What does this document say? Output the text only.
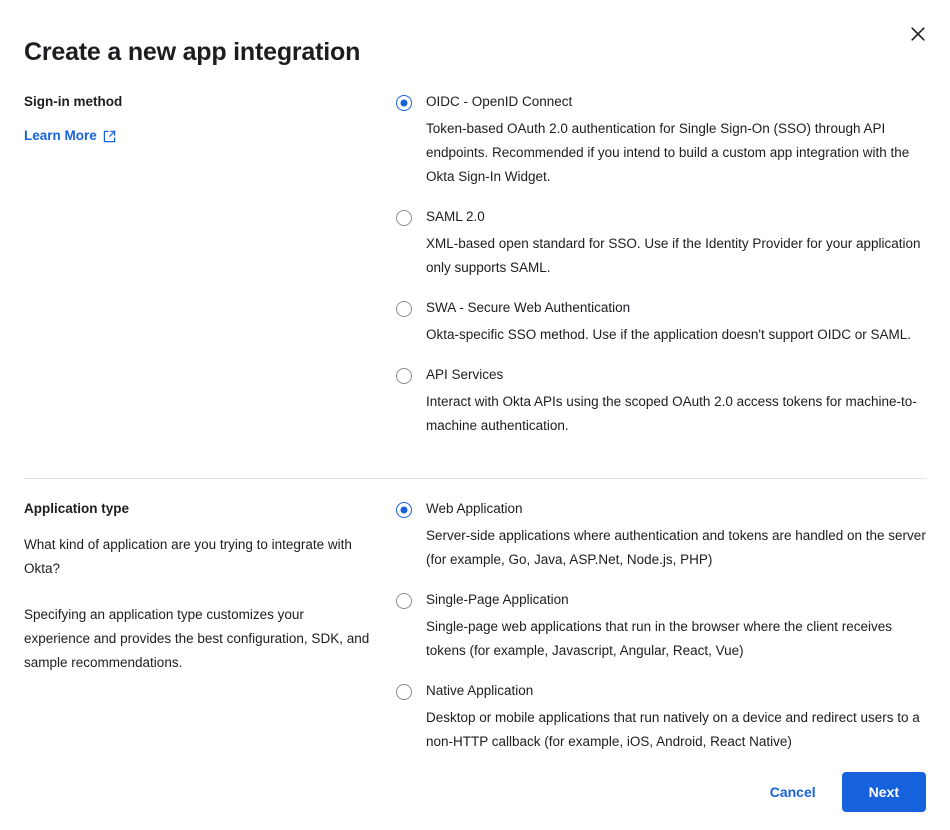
Create a new app integration
Sign-in method
Learn More
OIDC - OpenID Connect
Token-based OAuth 2.0 authentication for Single Sign-On (SSO) through API endpoints. Recommended if you intend to build a custom app integration with the Okta Sign-In Widget.
SAML 2.0
XML-based open standard for SSO. Use if the Identity Provider for your application only supports SAML.
SWA - Secure Web Authentication
Okta-specific SSO method. Use if the application doesn't support OIDC or SAML.
API Services
Interact with Okta APIs using the scoped OAuth 2.0 access tokens for machine-to-machine authentication.
Application type

What kind of application are you trying to integrate with Okta?

Specifying an application type customizes your experience and provides the best configuration, SDK, and sample recommendations.

Web Application
Server-side applications where authentication and tokens are handled on the server (for example, Go, Java, ASP.Net, Node.js, PHP)
Single-Page Application
Single-page web applications that run in the browser where the client receives tokens (for example, Javascript, Angular, React, Vue)
Native Application
Desktop or mobile applications that run natively on a device and redirect users to a non-HTTP callback (for example, iOS, Android, React Native)
Cancel	Next
